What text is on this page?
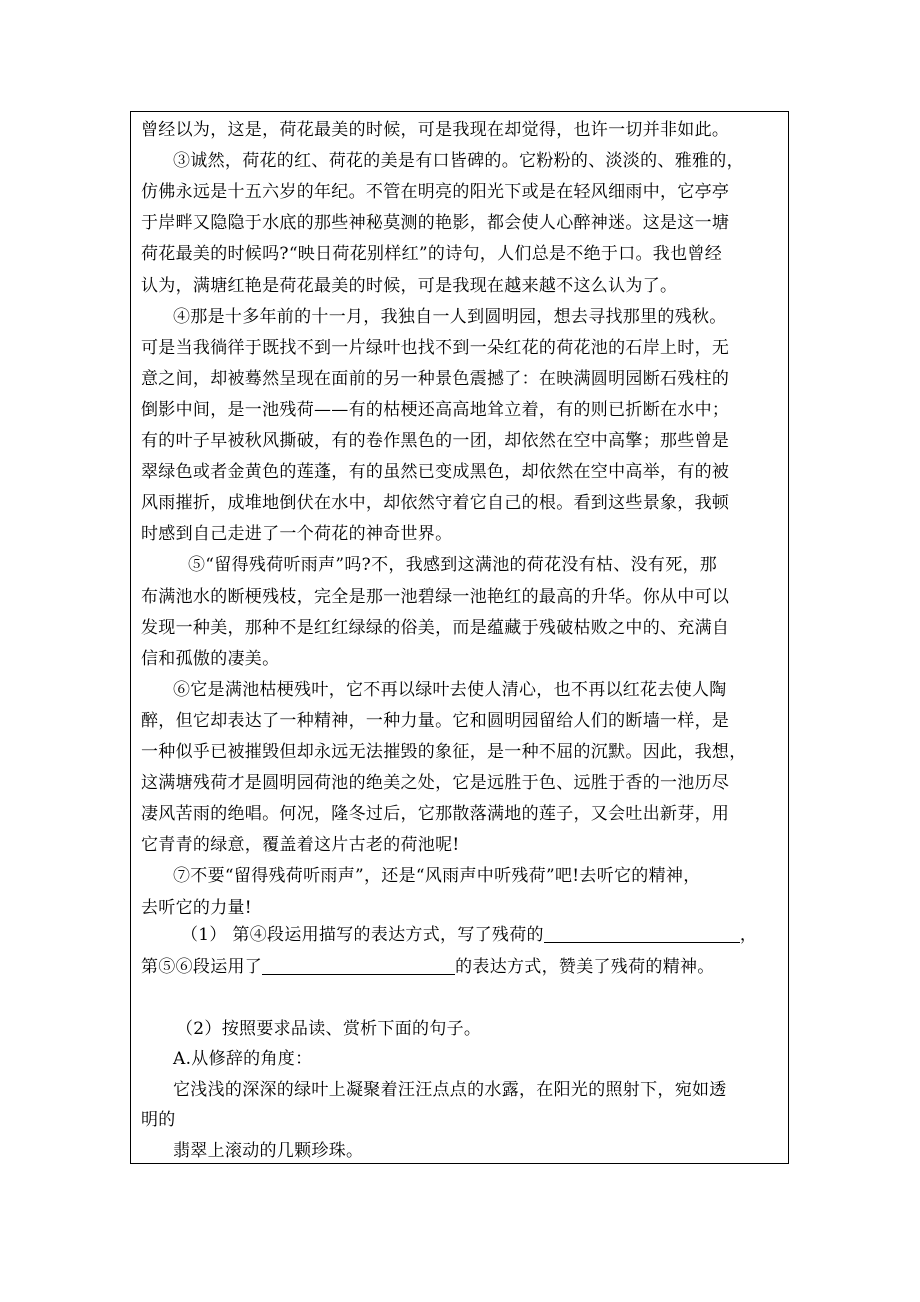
曾经以为，这是，荷花最美的时候，可是我现在却觉得，也许一切并非如此。
③诚然，荷花的红、荷花的美是有口皆碑的。它粉粉的、淡淡的、雅雅的，
仿佛永远是十五六岁的年纪。不管在明亮的阳光下或是在轻风细雨中，它亭亭
于岸畔又隐隐于水底的那些神秘莫测的艳影，都会使人心醉神迷。这是这一塘
荷花最美的时候吗?“映日荷花别样红”的诗句，人们总是不绝于口。我也曾经
认为，满塘红艳是荷花最美的时候，可是我现在越来越不这么认为了。
④那是十多年前的十一月，我独自一人到圆明园，想去寻找那里的残秋。
可是当我徜徉于既找不到一片绿叶也找不到一朵红花的荷花池的石岸上时，无
意之间，却被蓦然呈现在面前的另一种景色震撼了：在映满圆明园断石残柱的
倒影中间，是一池残荷——有的枯梗还高高地耸立着，有的则已折断在水中；
有的叶子早被秋风撕破，有的卷作黑色的一团，却依然在空中高擎；那些曾是
翠绿色或者金黄色的莲蓬，有的虽然已变成黑色，却依然在空中高举，有的被
风雨摧折，成堆地倒伏在水中，却依然守着它自己的根。看到这些景象，我顿
时感到自己走进了一个荷花的神奇世界。
⑤“留得残荷听雨声”吗?不，我感到这满池的荷花没有枯、没有死，那
布满池水的断梗残枝，完全是那一池碧绿一池艳红的最高的升华。你从中可以
发现一种美，那种不是红红绿绿的俗美，而是蕴藏于残破枯败之中的、充满自
信和孤傲的凄美。
⑥它是满池枯梗残叶，它不再以绿叶去使人清心，也不再以红花去使人陶
醉，但它却表达了一种精神，一种力量。它和圆明园留给人们的断墙一样，是
一种似乎已被摧毁但却永远无法摧毁的象征，是一种不屈的沉默。因此，我想，
这满塘残荷才是圆明园荷池的绝美之处，它是远胜于色、远胜于香的一池历尽
凄风苦雨的绝唱。何况，隆冬过后，它那散落满地的莲子，又会吐出新芽，用
它青青的绿意，覆盖着这片古老的荷池呢!
⑦不要“留得残荷听雨声”，还是“风雨声中听残荷”吧!去听它的精神，
去听它的力量!
（1） 第④段运用描写的表达方式，写了残荷的	，
第⑤⑥段运用了	的表达方式，赞美了残荷的精神。
（2）按照要求品读、赏析下面的句子。
A.从修辞的角度：
它浅浅的深深的绿叶上凝聚着汪汪点点的水露，在阳光的照射下，宛如透
明的
翡翠上滚动的几颗珍珠。
